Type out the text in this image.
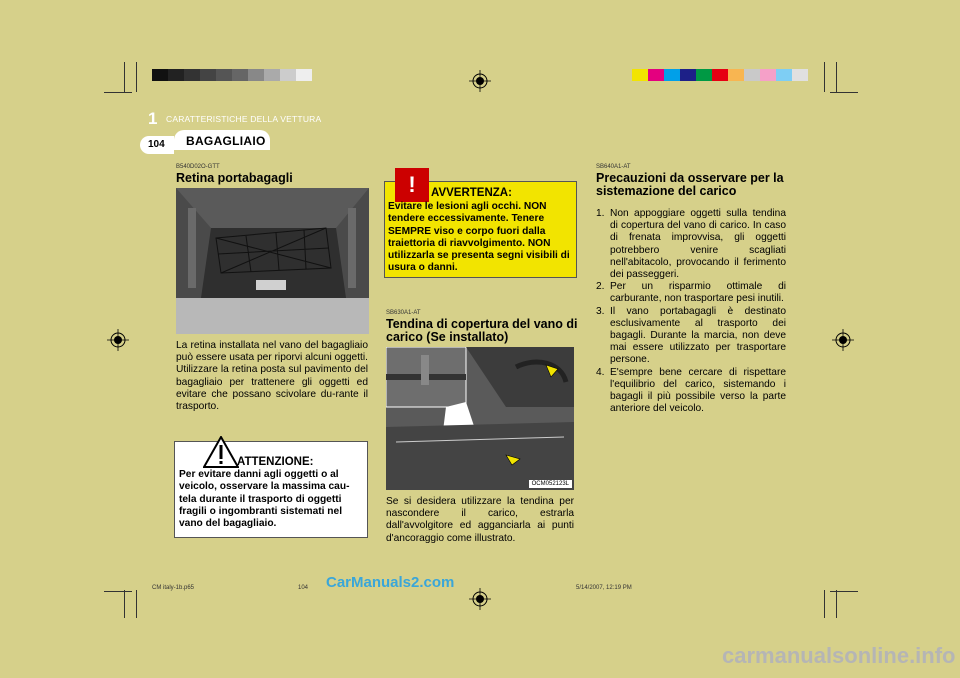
1 CARATTERISTICHE DELLA VETTURA
104	BAGAGLIAIO
B540D02O-GTT
Retina portabagagli
La retina installata nel vano del bagagliaio può essere usata per riporvi alcuni oggetti.
Utilizzare la retina posta sul pavimento del bagagliaio per trattenere gli oggetti ed evitare che possano scivolare du-rante il trasporto.
ATTENZIONE:
Per evitare danni agli oggetti o al veicolo, osservare la massima cau-tela durante il trasporto di oggetti fragili o ingombranti sistemati nel vano del bagagliaio.
!	AVVERTENZA:
Evitare le lesioni agli occhi. NON tendere eccessivamente. Tenere SEMPRE viso e corpo fuori dalla traiettoria di riavvolgimento. NON utilizzarla se presenta segni visibili di usura o danni.
SB630A1-AT
Tendina di copertura del vano di carico (Se installato)
OCM052123L
Se si desidera utilizzare la tendina per nascondere il carico, estrarla dall'avvolgitore ed agganciarla ai punti d'ancoraggio come illustrato.
SB640A1-AT
Precauzioni da osservare per la sistemazione del carico
1. Non appoggiare oggetti sulla tendina di copertura del vano di carico. In caso di frenata improvvisa, gli oggetti potrebbero venire scagliati nell'abitacolo, provocando il ferimento dei passeggeri.
2. Per un risparmio ottimale di carburante, non trasportare pesi inutili.
3. Il vano portabagagli è destinato esclusivamente al trasporto dei bagagli. Durante la marcia, non deve mai essere utilizzato per trasportare persone.
4. E'sempre bene cercare di rispettare l'equilibrio del carico, sistemando i bagagli il più possibile verso la parte anteriore del veicolo.
CM italy-1b.p65	104	5/14/2007, 12:19 PM
CarManuals2.com
carmanualsonline.info
